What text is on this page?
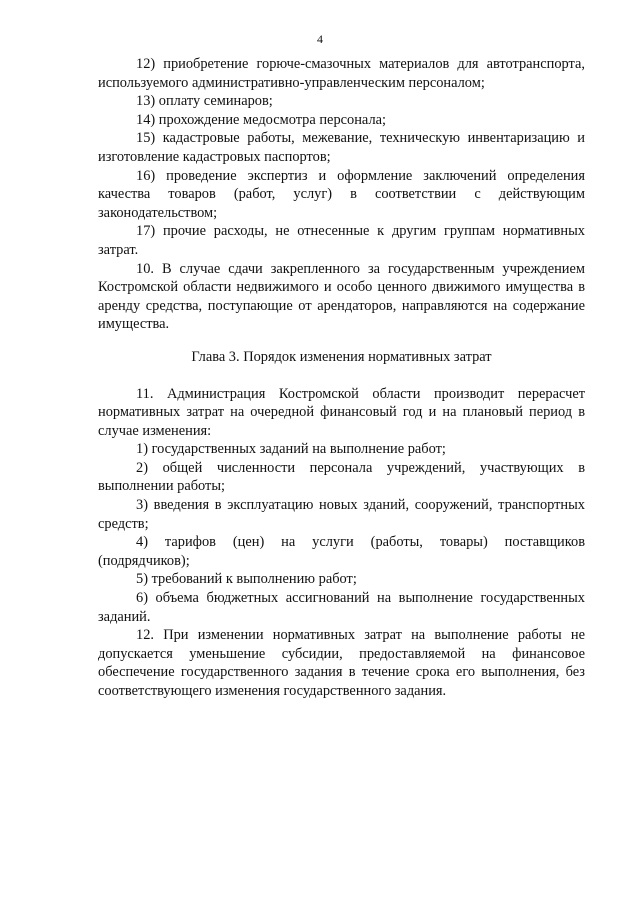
4

12) приобретение горюче-смазочных материалов для автотранспорта, используемого административно-управленческим персоналом;

13) оплату семинаров;

14) прохождение медосмотра персонала;

15) кадастровые работы, межевание, техническую инвентаризацию и изготовление кадастровых паспортов;

16) проведение экспертиз и оформление заключений определения качества товаров (работ, услуг) в соответствии с действующим законодательством;

17) прочие расходы, не отнесенные к другим группам нормативных затрат.

10. В случае сдачи закрепленного за государственным учреждением Костромской области недвижимого и особо ценного движимого имущества в аренду средства, поступающие от арендаторов, направляются на содержание имущества.

Глава 3. Порядок изменения нормативных затрат

11. Администрация Костромской области производит перерасчет нормативных затрат на очередной финансовый год и на плановый период в случае изменения:

1) государственных заданий на выполнение работ;

2) общей численности персонала учреждений, участвующих в выполнении работы;

3) введения в эксплуатацию новых зданий, сооружений, транспортных средств;

4) тарифов (цен) на услуги (работы, товары) поставщиков (подрядчиков);

5) требований к выполнению работ;

6) объема бюджетных ассигнований на выполнение государственных заданий.

12. При изменении нормативных затрат на выполнение работы не допускается уменьшение субсидии, предоставляемой на финансовое обеспечение государственного задания в течение срока его выполнения, без соответствующего изменения государственного задания.
